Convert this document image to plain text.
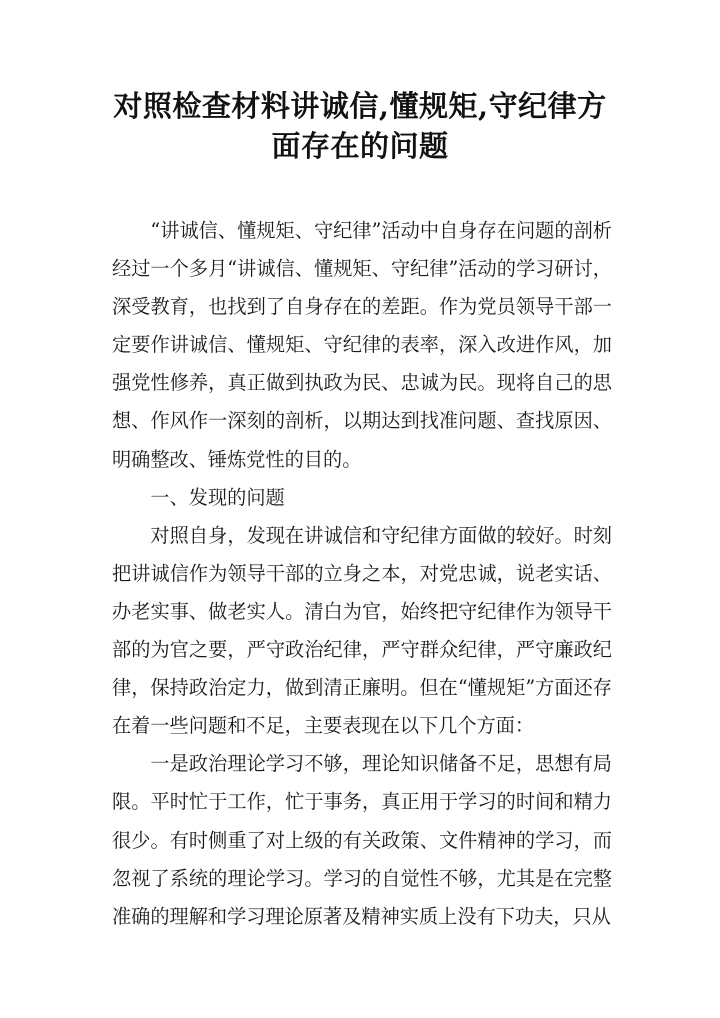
对照检查材料讲诚信,懂规矩,守纪律方面存在的问题

“讲诚信、懂规矩、守纪律”活动中自身存在问题的剖析经过一个多月“讲诚信、懂规矩、守纪律”活动的学习研讨，深受教育，也找到了自身存在的差距。作为党员领导干部一定要作讲诚信、懂规矩、守纪律的表率，深入改进作风，加强党性修养，真正做到执政为民、忠诚为民。现将自己的思想、作风作一深刻的剖析，以期达到找准问题、查找原因、明确整改、锤炼党性的目的。

一、发现的问题

对照自身，发现在讲诚信和守纪律方面做的较好。时刻把讲诚信作为领导干部的立身之本，对党忠诚，说老实话、办老实事、做老实人。清白为官，始终把守纪律作为领导干部的为官之要，严守政治纪律，严守群众纪律，严守廉政纪律，保持政治定力，做到清正廉明。但在“懂规矩”方面还存在着一些问题和不足，主要表现在以下几个方面：

一是政治理论学习不够，理论知识储备不足，思想有局限。平时忙于工作，忙于事务，真正用于学习的时间和精力很少。有时侧重了对上级的有关政策、文件精神的学习，而忽视了系统的理论学习。学习的自觉性不够，尤其是在完整准确的理解和学习理论原著及精神实质上没有下功夫，只从
